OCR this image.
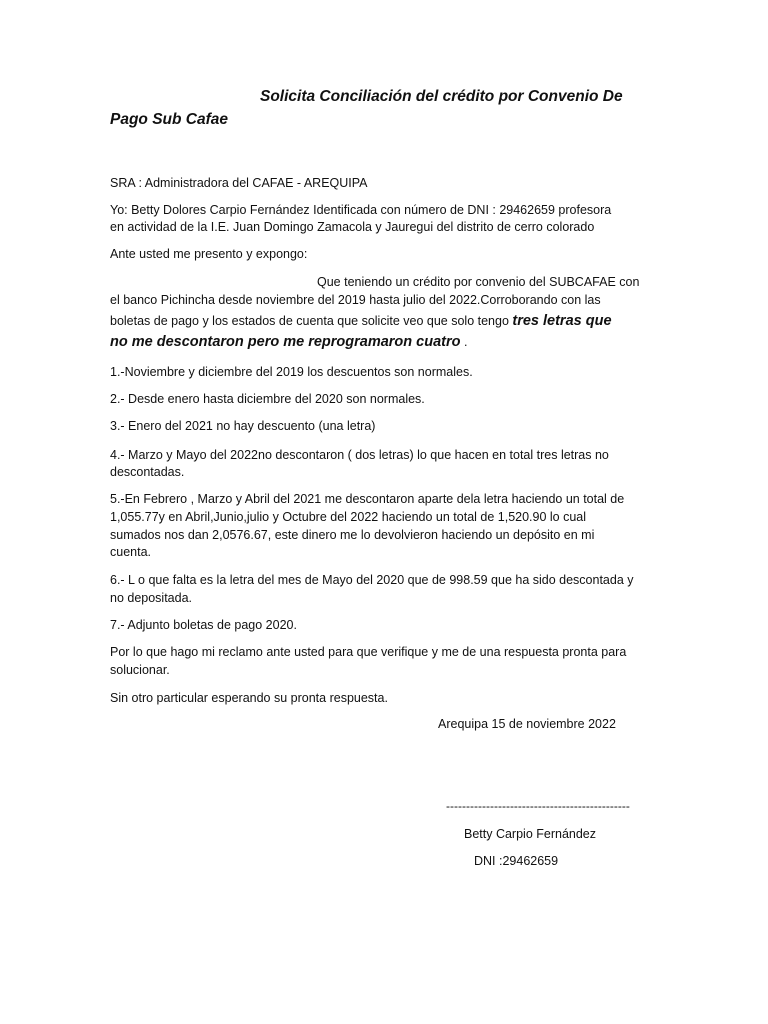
Solicita Conciliación del crédito por Convenio De
Pago Sub Cafae
SRA : Administradora del CAFAE - AREQUIPA
Yo: Betty Dolores Carpio Fernández Identificada con número de DNI : 29462659 profesora
en actividad de la I.E. Juan Domingo Zamacola y Jauregui del distrito de cerro colorado
Ante usted me presento y expongo:
Que teniendo un crédito por convenio del SUBCAFAE con
el banco Pichincha desde noviembre del 2019 hasta julio del 2022.Corroborando con las
boletas de pago y los estados de cuenta que solicite veo que solo tengo tres letras que
no me descontaron pero me reprogramaron cuatro .
1.-Noviembre y diciembre del 2019 los descuentos son normales.
2.- Desde enero hasta diciembre del 2020 son normales.
3.- Enero del 2021 no hay descuento (una letra)
4.- Marzo y Mayo del 2022no descontaron ( dos letras) lo que hacen en total tres letras no
descontadas.
5.-En Febrero , Marzo y Abril del 2021 me descontaron aparte dela letra haciendo un total de
1,055.77y en Abril,Junio,julio y Octubre del 2022 haciendo un total de 1,520.90 lo cual
sumados nos dan 2,0576.67, este dinero me lo devolvieron haciendo un depósito en mi
cuenta.
6.- L o que falta es la letra del mes de Mayo del 2020 que de 998.59 que ha sido descontada y
no depositada.
7.- Adjunto boletas de pago 2020.
Por lo que hago mi reclamo ante usted para que verifique y me de una respuesta pronta para
solucionar.
Sin otro particular esperando su pronta respuesta.
Arequipa 15 de noviembre 2022
----------------------------------------------
Betty Carpio Fernández
DNI :29462659
